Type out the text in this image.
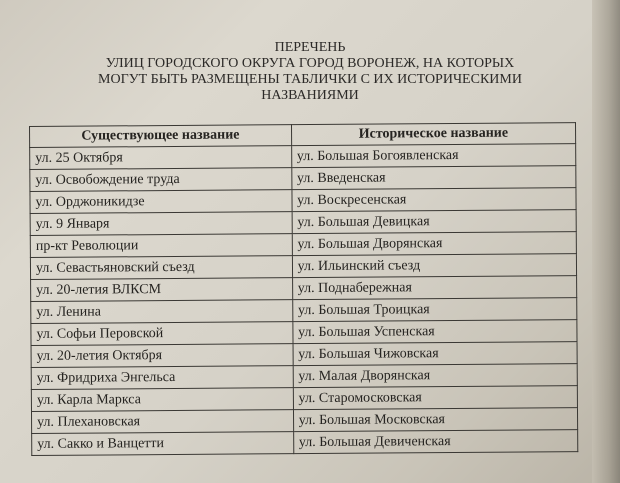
ПЕРЕЧЕНЬ
УЛИЦ ГОРОДСКОГО ОКРУГА ГОРОД ВОРОНЕЖ, НА КОТОРЫХ
МОГУТ БЫТЬ РАЗМЕЩЕНЫ ТАБЛИЧКИ С ИХ ИСТОРИЧЕСКИМИ
НАЗВАНИЯМИ
Существующее название	Историческое название
ул. 25 Октября	ул. Большая Богоявленская
ул. Освобождение труда	ул. Введенская
ул. Орджоникидзе	ул. Воскресенская
ул. 9 Января	ул. Большая Девицкая
пр-кт Революции	ул. Большая Дворянская
ул. Севастьяновский съезд	ул. Ильинский съезд
ул. 20-летия ВЛКСМ	ул. Поднабережная
ул. Ленина	ул. Большая Троицкая
ул. Софьи Перовской	ул. Большая Успенская
ул. 20-летия Октября	ул. Большая Чижовская
ул. Фридриха Энгельса	ул. Малая Дворянская
ул. Карла Маркса	ул. Старомосковская
ул. Плехановская	ул. Большая Московская
ул. Сакко и Ванцетти	ул. Большая Девиченская
